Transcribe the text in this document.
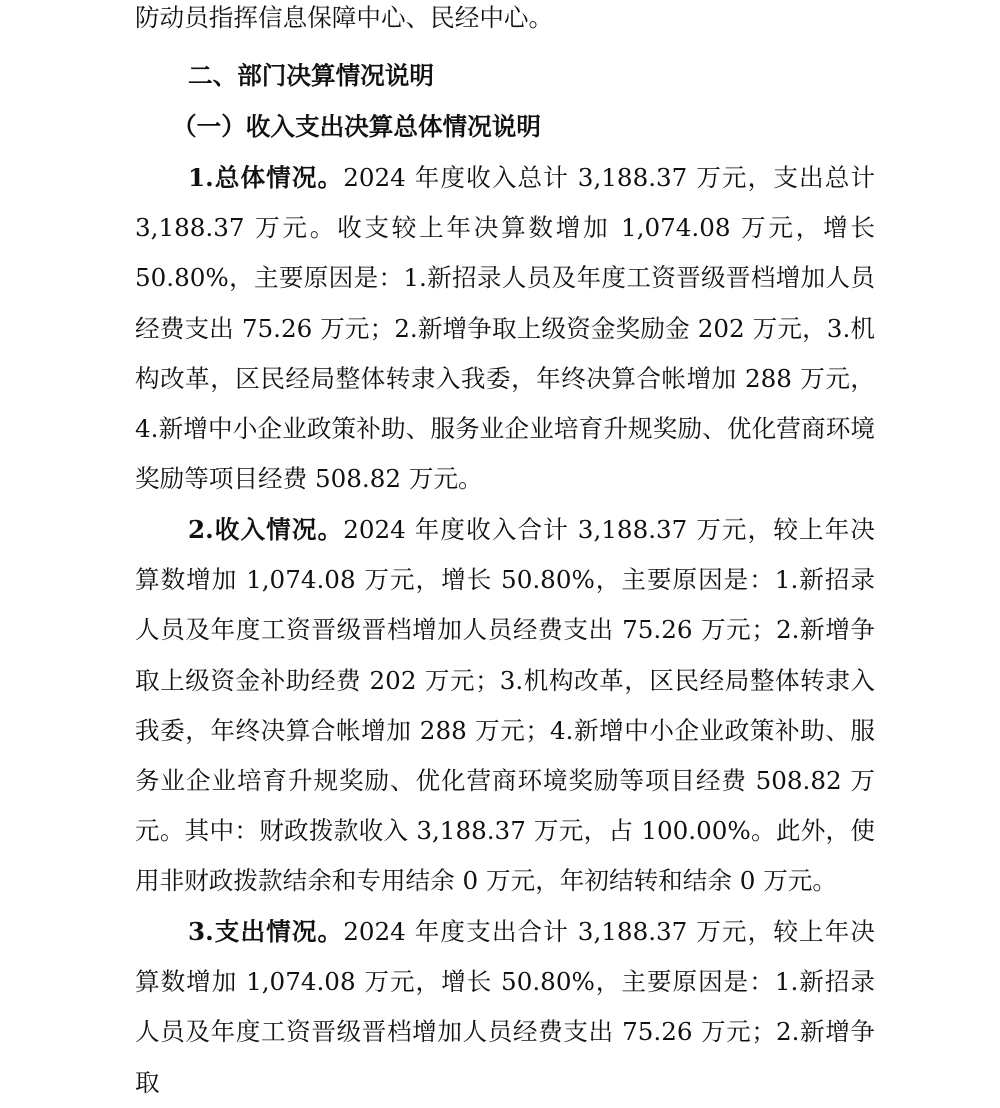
防动员指挥信息保障中心、民经中心。

二、部门决算情况说明
（一）收入支出决算总体情况说明

1.总体情况。2024 年度收入总计 3,188.37 万元，支出总计 3,188.37 万元。收支较上年决算数增加 1,074.08 万元，增长 50.80%，主要原因是：1.新招录人员及年度工资晋级晋档增加人员经费支出 75.26 万元；2.新增争取上级资金奖励金 202 万元，3.机构改革，区民经局整体转隶入我委，年终决算合帐增加 288 万元，4.新增中小企业政策补助、服务业企业培育升规奖励、优化营商环境奖励等项目经费 508.82 万元。

2.收入情况。2024 年度收入合计 3,188.37 万元，较上年决算数增加 1,074.08 万元，增长 50.80%，主要原因是：1.新招录人员及年度工资晋级晋档增加人员经费支出 75.26 万元；2.新增争取上级资金补助经费 202 万元；3.机构改革，区民经局整体转隶入我委，年终决算合帐增加 288 万元；4.新增中小企业政策补助、服务业企业培育升规奖励、优化营商环境奖励等项目经费 508.82 万元。其中：财政拨款收入 3,188.37 万元，占 100.00%。此外，使用非财政拨款结余和专用结余 0 万元，年初结转和结余 0 万元。

3.支出情况。2024 年度支出合计 3,188.37 万元，较上年决算数增加 1,074.08 万元，增长 50.80%，主要原因是：1.新招录人员及年度工资晋级晋档增加人员经费支出 75.26 万元；2.新增争取
